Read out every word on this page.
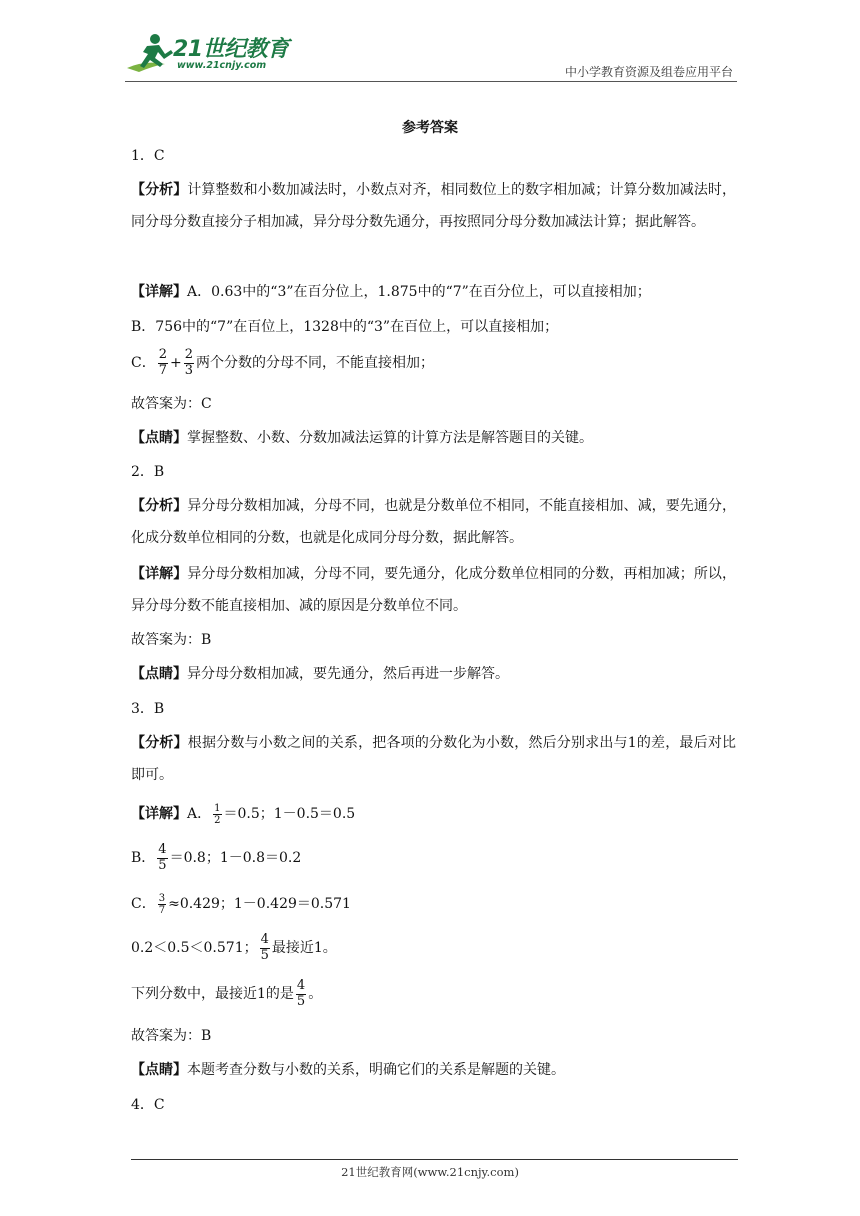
21世纪教育
www.21cnjy.com	中小学教育资源及组卷应用平台
参考答案
1．C
【分析】计算整数和小数加减法时，小数点对齐，相同数位上的数字相加减；计算分数加减法时，同分母分数直接分子相加减，异分母分数先通分，再按照同分母分数加减法计算；据此解答。
【详解】A．0.63中的“3”在百分位上，1.875中的“7”在百分位上，可以直接相加；
B．756中的“7”在百位上，1328中的“3”在百位上，可以直接相加；
C． $\frac{2}{7} + \frac{2}{3}$ 两个分数的分母不同，不能直接相加；
故答案为：C
【点睛】掌握整数、小数、分数加减法运算的计算方法是解答题目的关键。
2．B
【分析】异分母分数相加减，分母不同，也就是分数单位不相同，不能直接相加、减，要先通分，化成分数单位相同的分数，也就是化成同分母分数，据此解答。
【详解】异分母分数相加减，分母不同，要先通分，化成分数单位相同的分数，再相加减；所以，异分母分数不能直接相加、减的原因是分数单位不同。
故答案为：B
【点睛】异分母分数相加减，要先通分，然后再进一步解答。
3．B
【分析】根据分数与小数之间的关系，把各项的分数化为小数，然后分别求出与1的差，最后对比即可。
【详解】A． $\frac{1}{2} =0.5$；1－0.5＝0.5
B． $\frac{4}{5} =0.8$；1－0.8＝0.2
C． $\frac{3}{7} \approx 0.429$；1－0.429＝0.571
0.2＜0.5＜0.571； $\frac{4}{5}$ 最接近1。
下列分数中，最接近1的是 $\frac{4}{5}$ 。
故答案为：B
【点睛】本题考查分数与小数的关系，明确它们的关系是解题的关键。
4．C
21世纪教育网(www.21cnjy.com)
